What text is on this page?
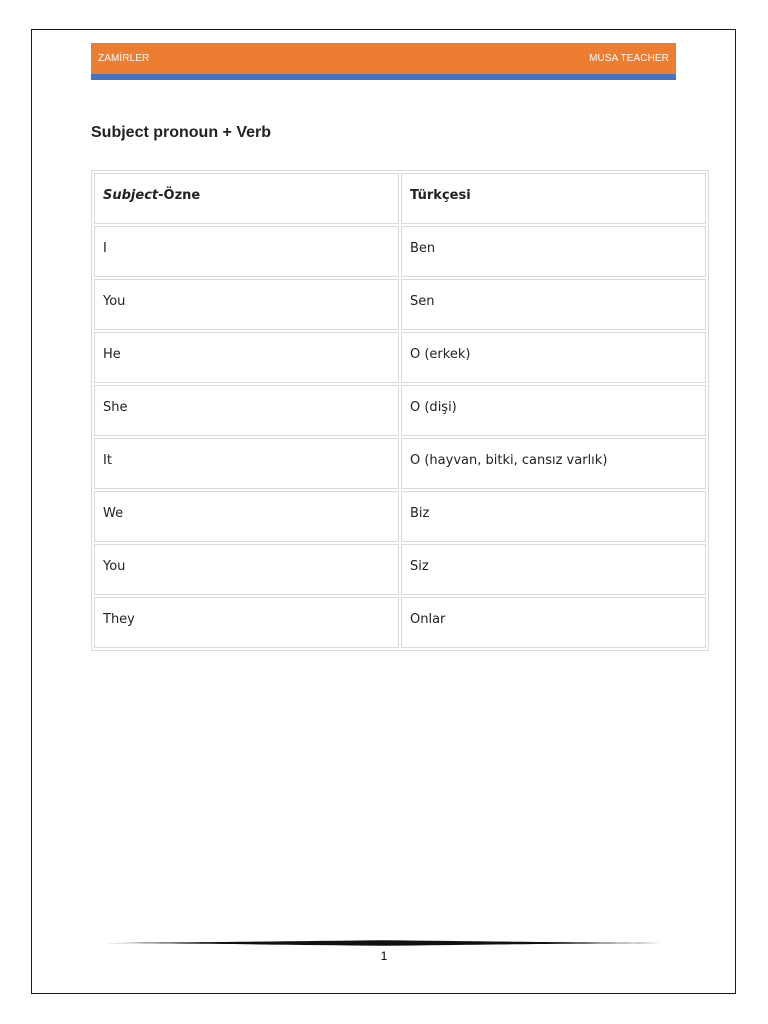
ZAMİRLER	MUSA TEACHER
Subject pronoun + Verb
Subject-Özne	Türkçesi
I	Ben
You	Sen
He	O (erkek)
She	O (dişi)
It	O (hayvan, bitki, cansız varlık)
We	Biz
You	Siz
They	Onlar
1
